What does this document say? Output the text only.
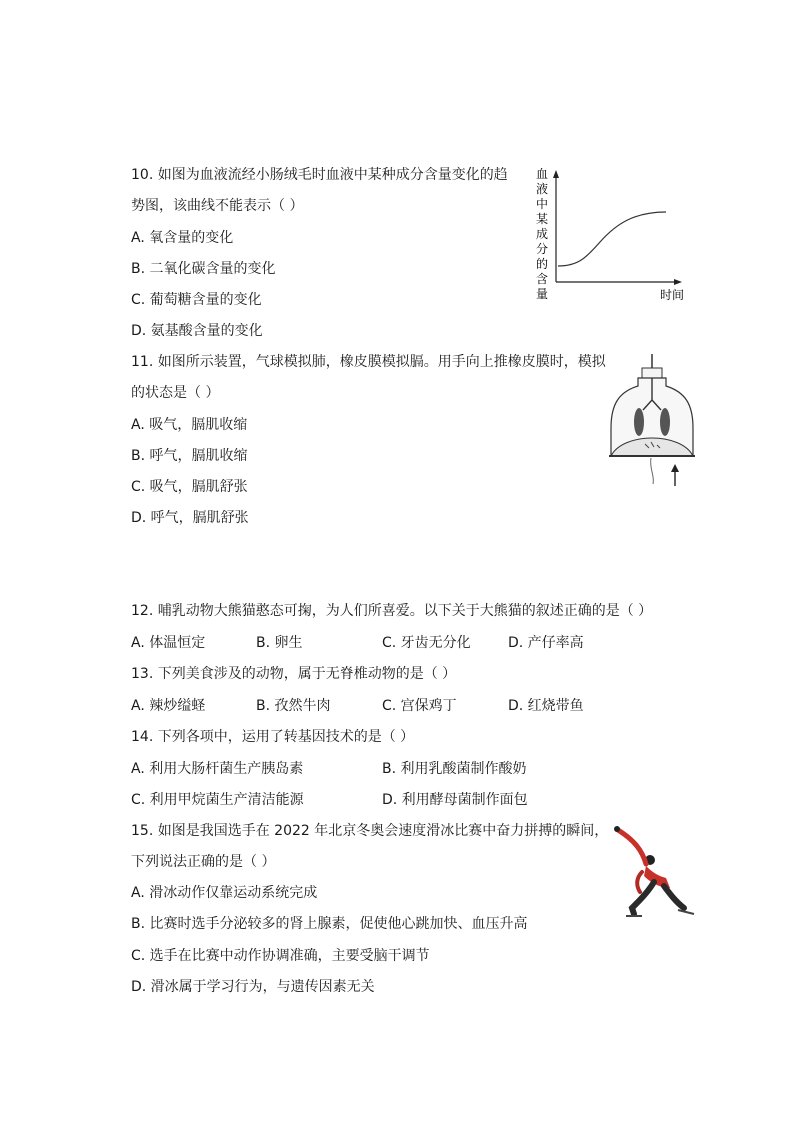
10. 如图为血液流经小肠绒毛时血液中某种成分含量变化的趋
势图，该曲线不能表示（ ）
A. 氧含量的变化
B. 二氧化碳含量的变化
C. 葡萄糖含量的变化
D. 氨基酸含量的变化
血
液
中
某
成
分
的
含
量	时间
11. 如图所示装置，气球模拟肺，橡皮膜模拟膈。用手向上推橡皮膜时，模拟
的状态是（ ）
A. 吸气，膈肌收缩
B. 呼气，膈肌收缩
C. 吸气，膈肌舒张
D. 呼气，膈肌舒张
12. 哺乳动物大熊猫憨态可掬，为人们所喜爱。以下关于大熊猫的叙述正确的是（ ）
A. 体温恒定	B. 卵生	C. 牙齿无分化	D. 产仔率高
13. 下列美食涉及的动物，属于无脊椎动物的是（ ）
A. 辣炒缢蛏	B. 孜然牛肉	C. 宫保鸡丁	D. 红烧带鱼
14. 下列各项中，运用了转基因技术的是（ ）
A. 利用大肠杆菌生产胰岛素	B. 利用乳酸菌制作酸奶
C. 利用甲烷菌生产清洁能源	D. 利用酵母菌制作面包
15. 如图是我国选手在 2022 年北京冬奥会速度滑冰比赛中奋力拼搏的瞬间，
下列说法正确的是（ ）
A. 滑冰动作仅靠运动系统完成
B. 比赛时选手分泌较多的肾上腺素，促使他心跳加快、血压升高
C. 选手在比赛中动作协调准确，主要受脑干调节
D. 滑冰属于学习行为，与遗传因素无关
